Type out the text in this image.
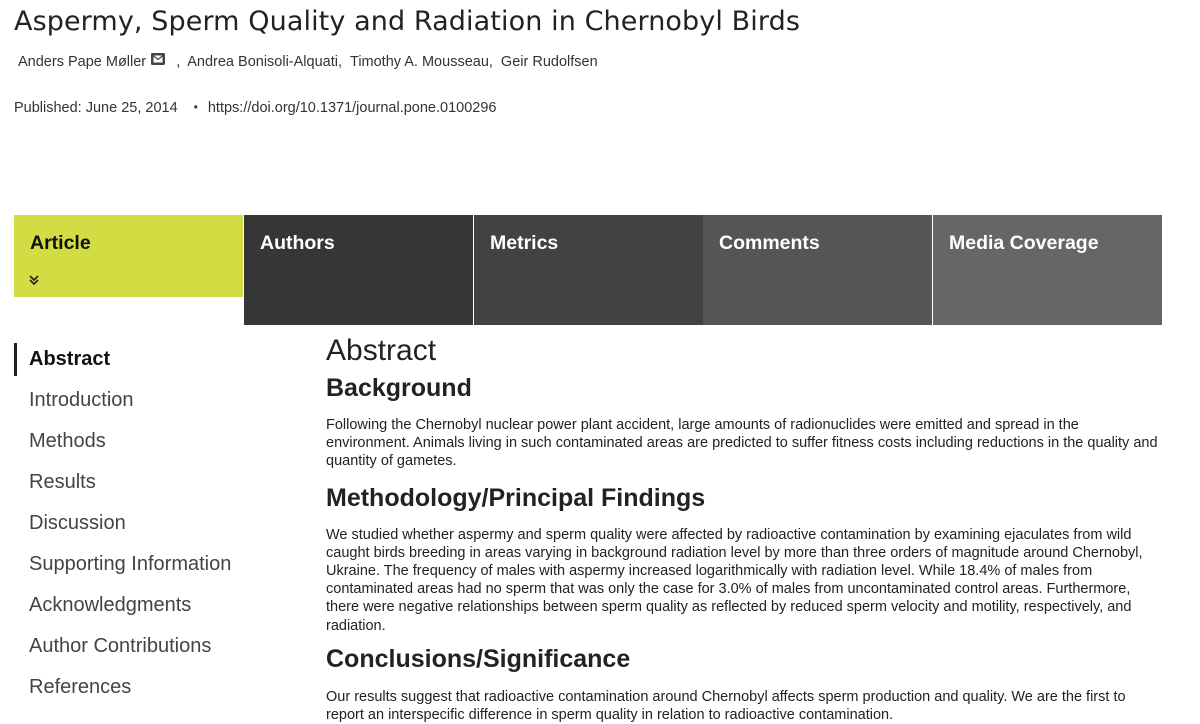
Aspermy, Sperm Quality and Radiation in Chernobyl Birds
Anders Pape Møller , Andrea Bonisoli-Alquati , Timothy A. Mousseau , Geir Rudolfsen
Published: June 25, 2014 • https://doi.org/10.1371/journal.pone.0100296
Article	Authors	Metrics	Comments	Media Coverage
Abstract
Introduction
Methods
Results
Discussion
Supporting Information
Acknowledgments
Author Contributions
References
Abstract
Background

Following the Chernobyl nuclear power plant accident, large amounts of radionuclides were emitted and spread in the environment. Animals living in such contaminated areas are predicted to suffer fitness costs including reductions in the quality and quantity of gametes.

Methodology/Principal Findings

We studied whether aspermy and sperm quality were affected by radioactive contamination by examining ejaculates from wild caught birds breeding in areas varying in background radiation level by more than three orders of magnitude around Chernobyl, Ukraine. The frequency of males with aspermy increased logarithmically with radiation level. While 18.4% of males from contaminated areas had no sperm that was only the case for 3.0% of males from uncontaminated control areas. Furthermore, there were negative relationships between sperm quality as reflected by reduced sperm velocity and motility, respectively, and radiation.

Conclusions/Significance

Our results suggest that radioactive contamination around Chernobyl affects sperm production and quality. We are the first to report an interspecific difference in sperm quality in relation to radioactive contamination.
